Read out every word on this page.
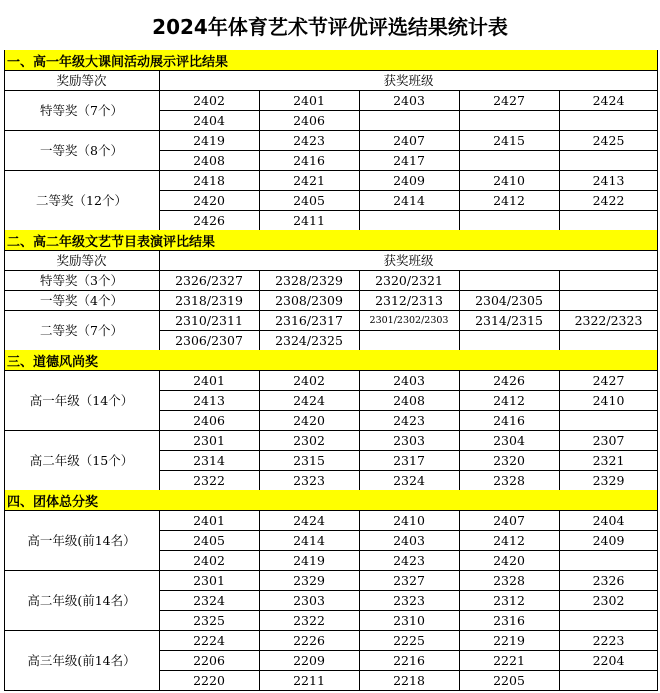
2024年体育艺术节评优评选结果统计表
一、高一年级大课间活动展示评比结果
奖励等次	获奖班级
特等奖（7个）
2402	2401	2403	2427	2424
2404	2406
一等奖（8个）
2419	2423	2407	2415	2425
2408	2416	2417
二等奖（12个）
2418	2421	2409	2410	2413
2420	2405	2414	2412	2422
2426	2411
二、高二年级文艺节目表演评比结果
奖励等次	获奖班级
特等奖（3个）	2326/2327	2328/2329	2320/2321
一等奖（4个）	2318/2319	2308/2309	2312/2313	2304/2305
二等奖（7个）
2310/2311	2316/2317	2301/2302/2303	2314/2315	2322/2323
2306/2307	2324/2325
三、道德风尚奖
高一年级（14个）
2401	2402	2403	2426	2427
2413	2424	2408	2412	2410
2406	2420	2423	2416
高二年级（15个）
2301	2302	2303	2304	2307
2314	2315	2317	2320	2321
2322	2323	2324	2328	2329
四、团体总分奖
高一年级(前14名）
2401	2424	2410	2407	2404
2405	2414	2403	2412	2409
2402	2419	2423	2420
高二年级(前14名）
2301	2329	2327	2328	2326
2324	2303	2323	2312	2302
2325	2322	2310	2316
高三年级(前14名）
2224	2226	2225	2219	2223
2206	2209	2216	2221	2204
2220	2211	2218	2205
